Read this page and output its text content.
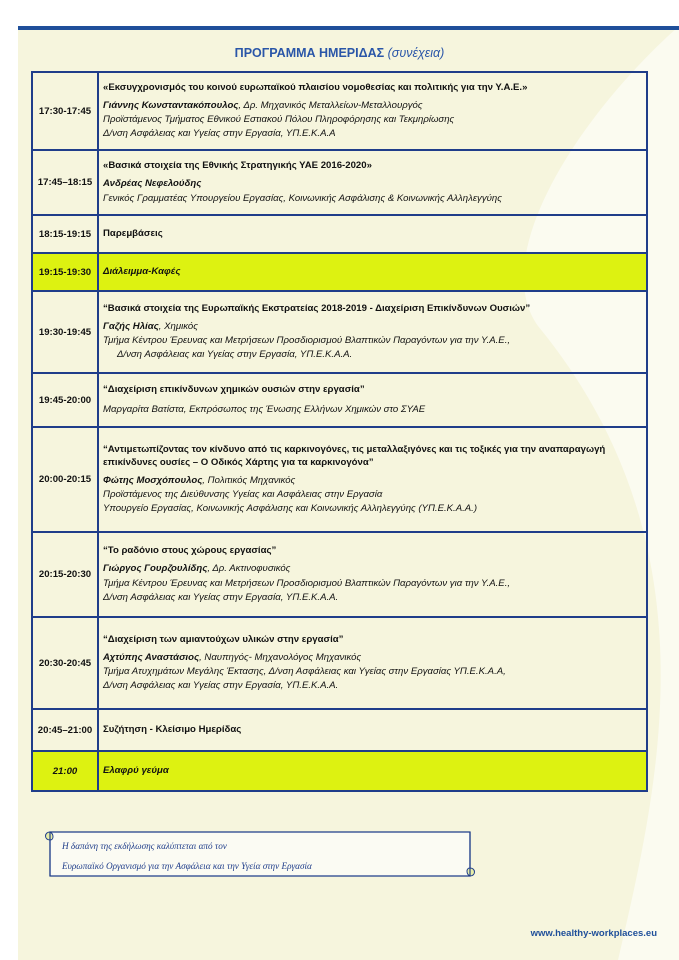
ΠΡΟΓΡΑΜΜΑ ΗΜΕΡΙΔΑΣ (συνέχεια)
17:30-17:45	«Εκσυγχρονισμός του κοινού ευρωπαϊκού πλαισίου νομοθεσίας και πολιτικής για την Υ.Α.Ε.»
Γιάννης Κωνσταντακόπουλος, Δρ. Μηχανικός Μεταλλείων-Μεταλλουργός
Προϊστάμενος Τμήματος Εθνικού Εστιακού Πόλου Πληροφόρησης και Τεκμηρίωσης
Δ/νση Ασφάλειας και Υγείας στην Εργασία, ΥΠ.Ε.Κ.Α.Α

17:45–18:15	«Βασικά στοιχεία της Εθνικής Στρατηγικής ΥΑΕ 2016-2020»
Ανδρέας Νεφελούδης
Γενικός Γραμματέας Υπουργείου Εργασίας, Κοινωνικής Ασφάλισης & Κοινωνικής Αλληλεγγύης

18:15-19:15	Παρεμβάσεις
19:15-19:30	Διάλειμμα-Καφές
19:30-19:45	“Βασικά στοιχεία της Ευρωπαϊκής Εκστρατείας 2018-2019 - Διαχείριση Επικίνδυνων Ουσιών”
Γαζής Ηλίας, Χημικός
Τμήμα Κέντρου Έρευνας και Μετρήσεων Προσδιορισμού Βλαπτικών Παραγόντων για την Υ.Α.Ε.,
Δ/νση Ασφάλειας και Υγείας στην Εργασία, ΥΠ.Ε.Κ.Α.Α.

19:45-20:00	“Διαχείριση επικίνδυνων χημικών ουσιών στην εργασία”
Μαργαρίτα Βατίστα, Εκπρόσωπος της Ένωσης Ελλήνων Χημικών στο ΣΥΑΕ

20:00-20:15	“Αντιμετωπίζοντας τον κίνδυνο από τις καρκινογόνες, τις μεταλλαξιγόνες και τις τοξικές για την αναπαραγωγή επικίνδυνες ουσίες – Ο Οδικός Χάρτης για τα καρκινογόνα”
Φώτης Μοσχόπουλος, Πολιτικός Μηχανικός
Προϊστάμενος της Διεύθυνσης Υγείας και Ασφάλειας στην Εργασία
Υπουργείο Εργασίας, Κοινωνικής Ασφάλισης και Κοινωνικής Αλληλεγγύης (ΥΠ.Ε.Κ.Α.Α.)

20:15-20:30	“Το ραδόνιο στους χώρους εργασίας”
Γιώργος Γουρζουλίδης, Δρ. Ακτινοφυσικός
Τμήμα Κέντρου Έρευνας και Μετρήσεων Προσδιορισμού Βλαπτικών Παραγόντων για την Υ.Α.Ε.,
Δ/νση Ασφάλειας και Υγείας στην Εργασία, ΥΠ.Ε.Κ.Α.Α.

20:30-20:45	“Διαχείριση των αμιαντούχων υλικών στην εργασία”
Αχτύπης Αναστάσιος, Ναυπηγός- Μηχανολόγος Μηχανικός
Τμήμα Ατυχημάτων Μεγάλης Έκτασης, Δ/νση Ασφάλειας και Υγείας στην Εργασίας ΥΠ.Ε.Κ.Α.Α,
Δ/νση Ασφάλειας και Υγείας στην Εργασία, ΥΠ.Ε.Κ.Α.Α.

20:45–21:00	Συζήτηση - Κλείσιμο Ημερίδας
21:00	Ελαφρύ γεύμα
Η δαπάνη της εκδήλωσης καλύπτεται από τον
Ευρωπαϊκό Οργανισμό για την Ασφάλεια και την Υγεία στην Εργασία
www.healthy-workplaces.eu
